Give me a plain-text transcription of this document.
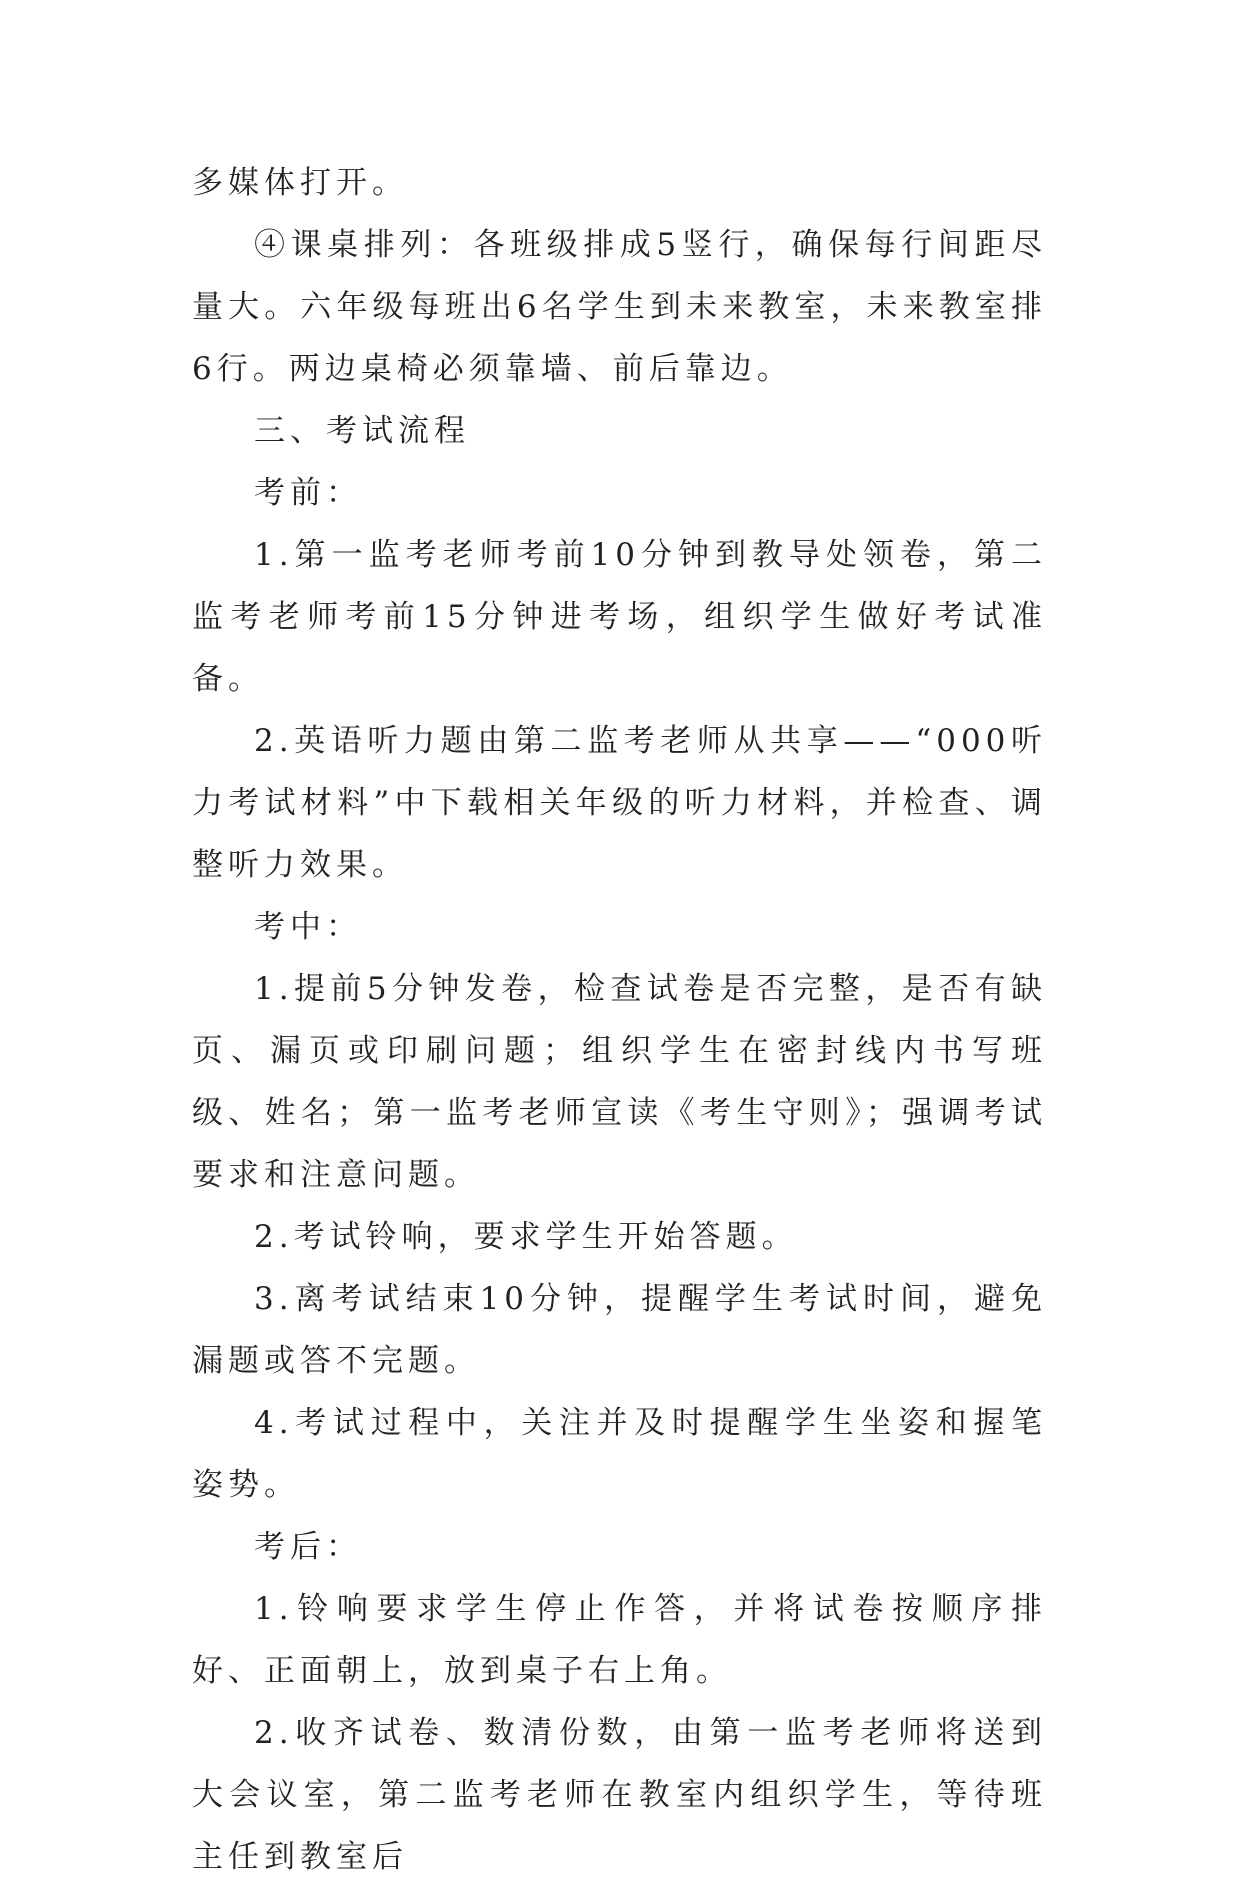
多媒体打开。

④课桌排列：各班级排成5竖行，确保每行间距尽量大。六年级每班出6名学生到未来教室，未来教室排6行。两边桌椅必须靠墙、前后靠边。

三、考试流程

考前：

1.第一监考老师考前10分钟到教导处领卷，第二监考老师考前15分钟进考场，组织学生做好考试准备。

2.英语听力题由第二监考老师从共享——“000听力考试材料”中下载相关年级的听力材料，并检查、调整听力效果。

考中：

1.提前5分钟发卷，检查试卷是否完整，是否有缺页、漏页或印刷问题；组织学生在密封线内书写班级、姓名；第一监考老师宣读《考生守则》；强调考试要求和注意问题。

2.考试铃响，要求学生开始答题。

3.离考试结束10分钟，提醒学生考试时间，避免漏题或答不完题。

4.考试过程中，关注并及时提醒学生坐姿和握笔姿势。

考后：

1.铃响要求学生停止作答，并将试卷按顺序排好、正面朝上，放到桌子右上角。

2.收齐试卷、数清份数，由第一监考老师将送到大会议室，第二监考老师在教室内组织学生，等待班主任到教室后
